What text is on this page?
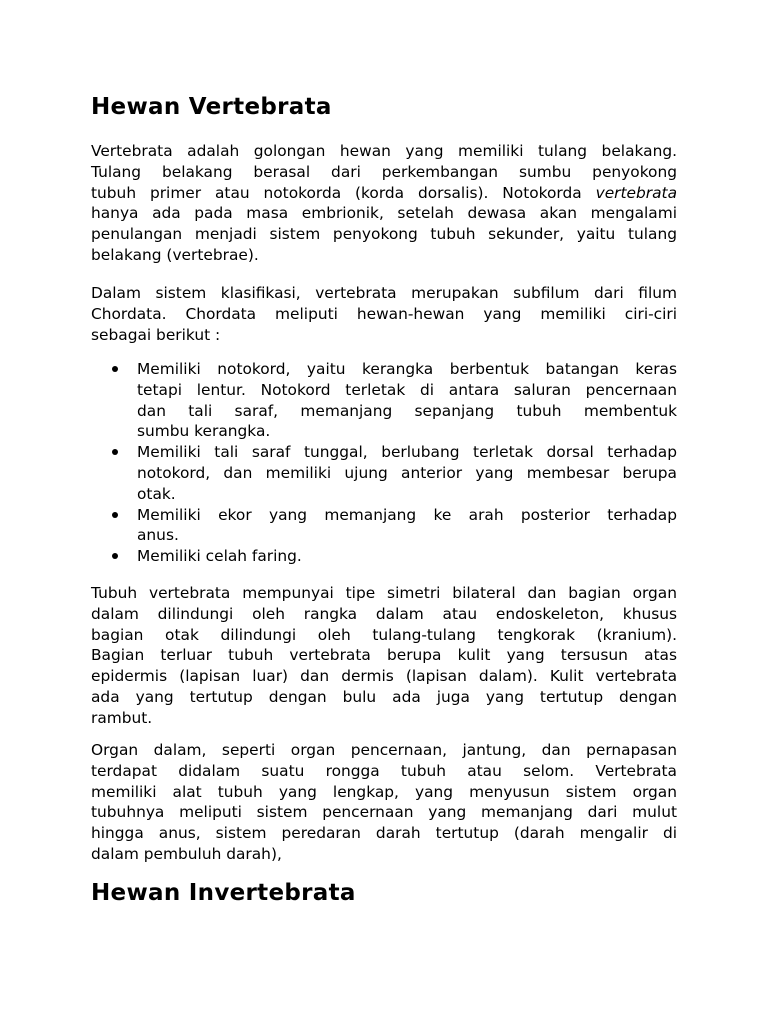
Hewan Vertebrata

Vertebrata adalah golongan hewan yang memiliki tulang belakang.
Tulang belakang berasal dari perkembangan sumbu penyokong
tubuh primer atau notokorda (korda dorsalis). Notokorda vertebrata
hanya ada pada masa embrionik, setelah dewasa akan mengalami
penulangan menjadi sistem penyokong tubuh sekunder, yaitu tulang
belakang (vertebrae).

Dalam sistem klasifikasi, vertebrata merupakan subfilum dari filum
Chordata. Chordata meliputi hewan-hewan yang memiliki ciri-ciri
sebagai berikut :

Memiliki notokord, yaitu kerangka berbentuk batangan keras
tetapi lentur. Notokord terletak di antara saluran pencernaan
dan tali saraf, memanjang sepanjang tubuh membentuk
sumbu kerangka.
Memiliki tali saraf tunggal, berlubang terletak dorsal terhadap
notokord, dan memiliki ujung anterior yang membesar berupa
otak.
Memiliki ekor yang memanjang ke arah posterior terhadap
anus.
Memiliki celah faring.

Tubuh vertebrata mempunyai tipe simetri bilateral dan bagian organ
dalam dilindungi oleh rangka dalam atau endoskeleton, khusus
bagian otak dilindungi oleh tulang-tulang tengkorak (kranium).
Bagian terluar tubuh vertebrata berupa kulit yang tersusun atas
epidermis (lapisan luar) dan dermis (lapisan dalam). Kulit vertebrata
ada yang tertutup dengan bulu ada juga yang tertutup dengan
rambut.

Organ dalam, seperti organ pencernaan, jantung, dan pernapasan
terdapat didalam suatu rongga tubuh atau selom. Vertebrata
memiliki alat tubuh yang lengkap, yang menyusun sistem organ
tubuhnya meliputi sistem pencernaan yang memanjang dari mulut
hingga anus, sistem peredaran darah tertutup (darah mengalir di
dalam pembuluh darah),

Hewan Invertebrata
